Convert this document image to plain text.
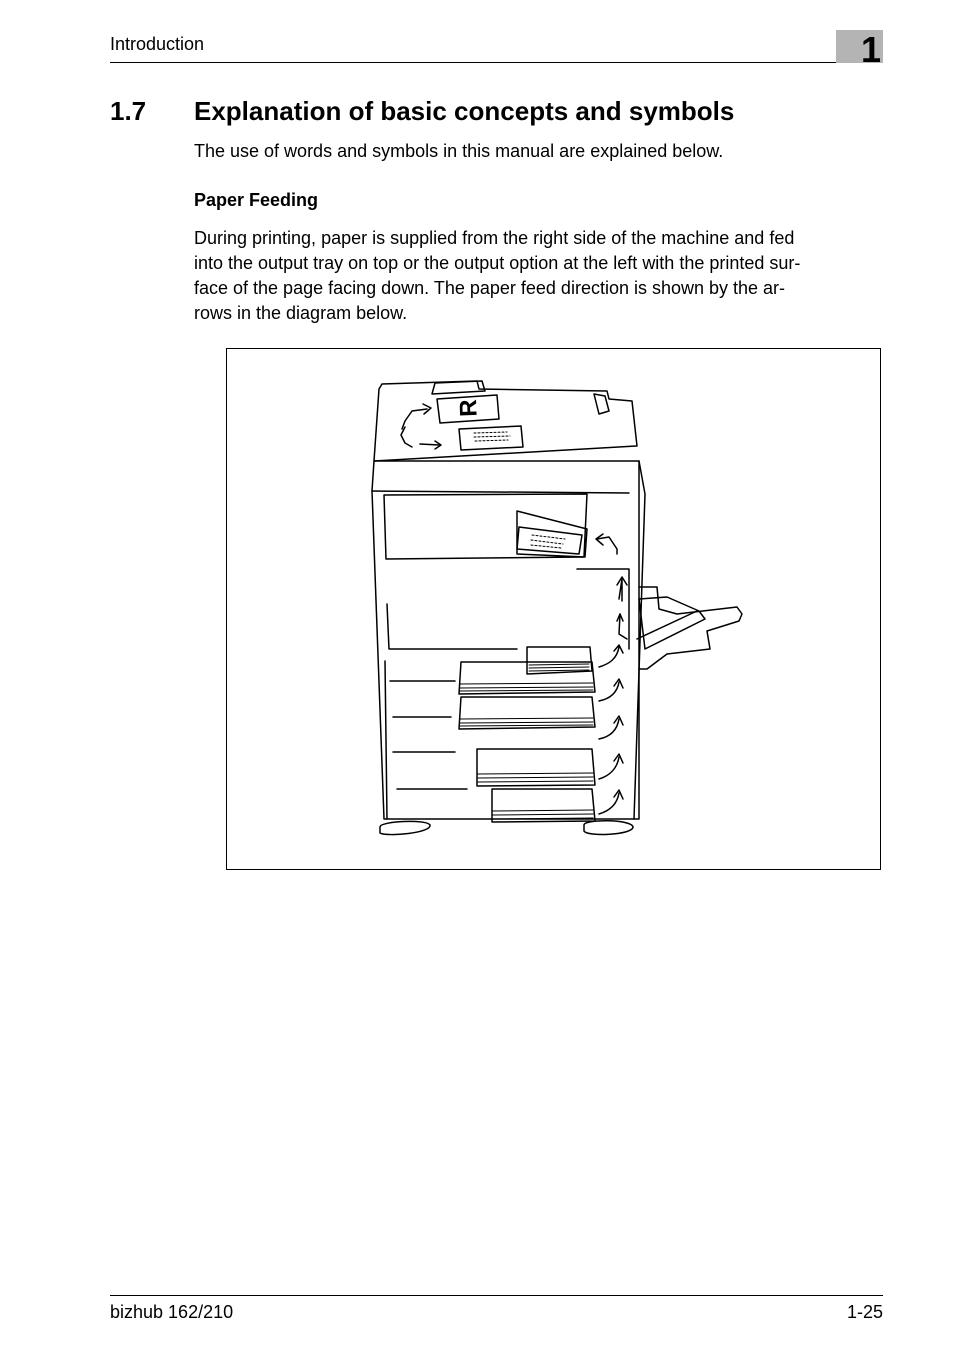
Introduction	1
1.7 Explanation of basic concepts and symbols
The use of words and symbols in this manual are explained below.
Paper Feeding
During printing, paper is supplied from the right side of the machine and fed
into the output tray on top or the output option at the left with the printed sur-
face of the page facing down. The paper feed direction is shown by the ar-
rows in the diagram below.
R
bizhub 162/210	1-25
